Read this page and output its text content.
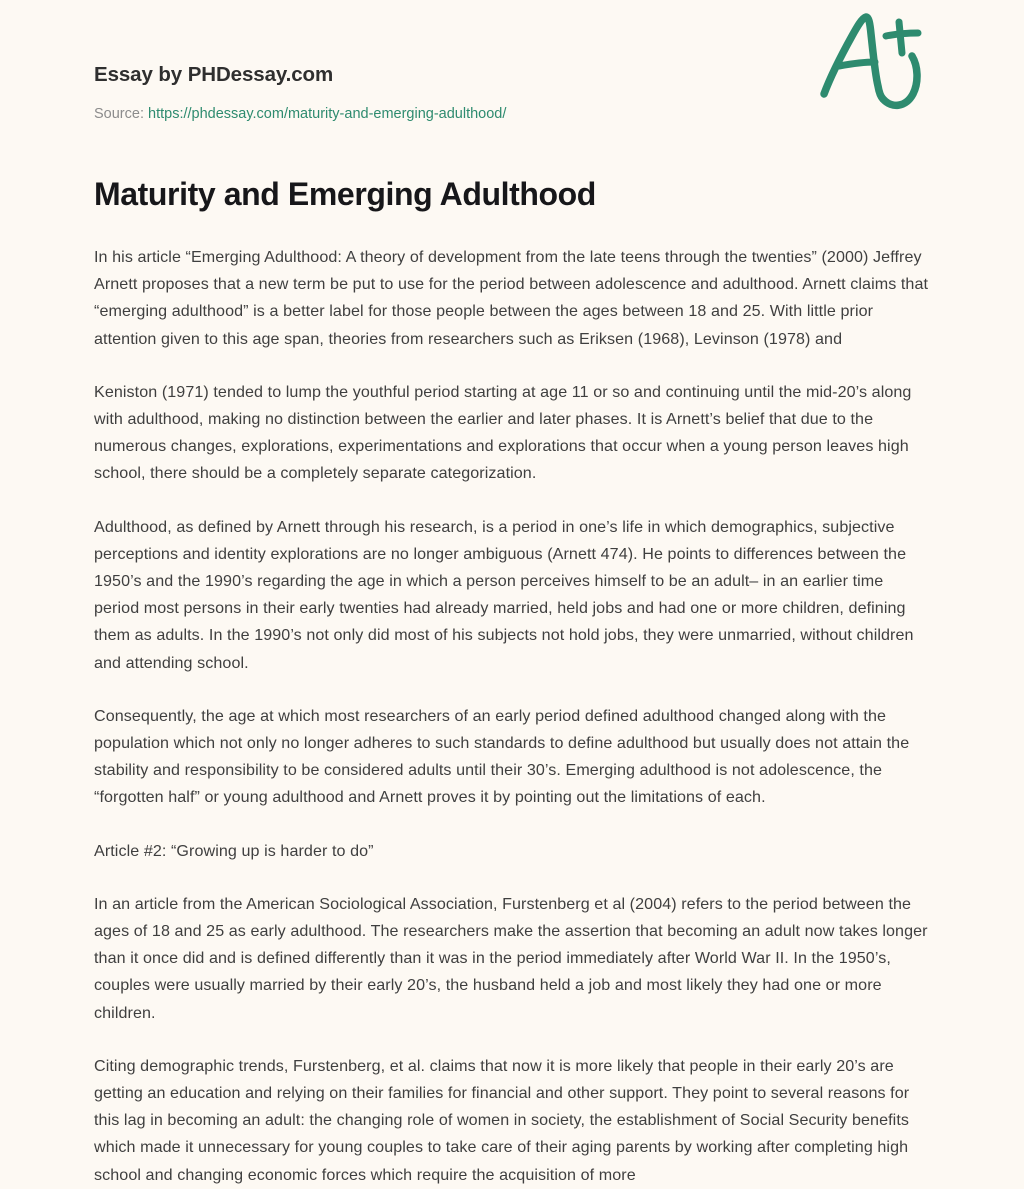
Essay by PHDessay.com
Source: https://phdessay.com/maturity-and-emerging-adulthood/
Maturity and Emerging Adulthood

In his article “Emerging Adulthood: A theory of development from the late teens through the twenties” (2000) Jeffrey Arnett proposes that a new term be put to use for the period between adolescence and adulthood. Arnett claims that “emerging adulthood” is a better label for those people between the ages between 18 and 25. With little prior attention given to this age span, theories from researchers such as Eriksen (1968), Levinson (1978) and

Keniston (1971) tended to lump the youthful period starting at age 11 or so and continuing until the mid-20’s along with adulthood, making no distinction between the earlier and later phases. It is Arnett’s belief that due to the numerous changes, explorations, experimentations and explorations that occur when a young person leaves high school, there should be a completely separate categorization.

Adulthood, as defined by Arnett through his research, is a period in one’s life in which demographics, subjective perceptions and identity explorations are no longer ambiguous (Arnett 474). He points to differences between the 1950’s and the 1990’s regarding the age in which a person perceives himself to be an adult– in an earlier time period most persons in their early twenties had already married, held jobs and had one or more children, defining them as adults. In the 1990’s not only did most of his subjects not hold jobs, they were unmarried, without children and attending school.

Consequently, the age at which most researchers of an early period defined adulthood changed along with the population which not only no longer adheres to such standards to define adulthood but usually does not attain the stability and responsibility to be considered adults until their 30’s. Emerging adulthood is not adolescence, the “forgotten half” or young adulthood and Arnett proves it by pointing out the limitations of each.

Article #2: “Growing up is harder to do”

In an article from the American Sociological Association, Furstenberg et al (2004) refers to the period between the ages of 18 and 25 as early adulthood. The researchers make the assertion that becoming an adult now takes longer than it once did and is defined differently than it was in the period immediately after World War II. In the 1950’s, couples were usually married by their early 20’s, the husband held a job and most likely they had one or more children.

Citing demographic trends, Furstenberg, et al. claims that now it is more likely that people in their early 20’s are getting an education and relying on their families for financial and other support. They point to several reasons for this lag in becoming an adult: the changing role of women in society, the establishment of Social Security benefits which made it unnecessary for young couples to take care of their aging parents by working after completing high school and changing economic forces which require the acquisition of more
